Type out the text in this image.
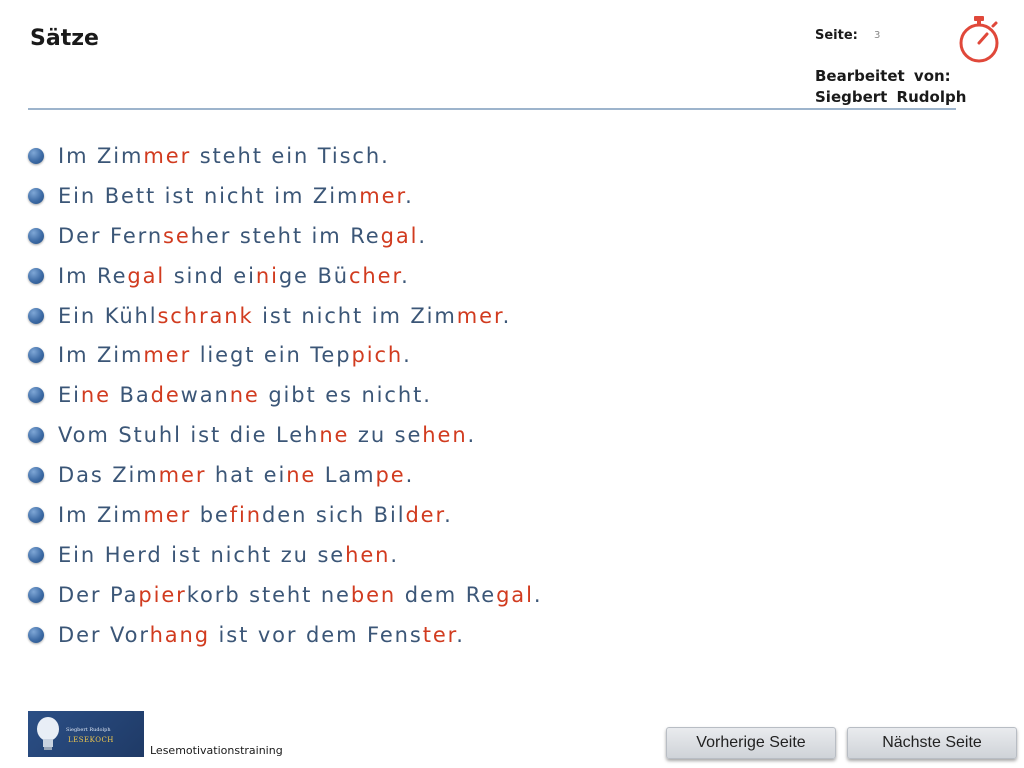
Sätze	Seite: 3
Bearbeitet von:
Siegbert Rudolph
Im Zimmer steht ein Tisch.
Ein Bett ist nicht im Zimmer.
Der Fernseher steht im Regal.
Im Regal sind einige Bücher.
Ein Kühlschrank ist nicht im Zimmer.
Im Zimmer liegt ein Teppich.
Eine Badewanne gibt es nicht.
Vom Stuhl ist die Lehne zu sehen.
Das Zimmer hat eine Lampe.
Im Zimmer befinden sich Bilder.
Ein Herd ist nicht zu sehen.
Der Papierkorb steht neben dem Regal.
Der Vorhang ist vor dem Fenster.
Siegbert Rudolph
LESEKOCH
Lesemotivationstraining	Vorherige Seite	Nächste Seite
